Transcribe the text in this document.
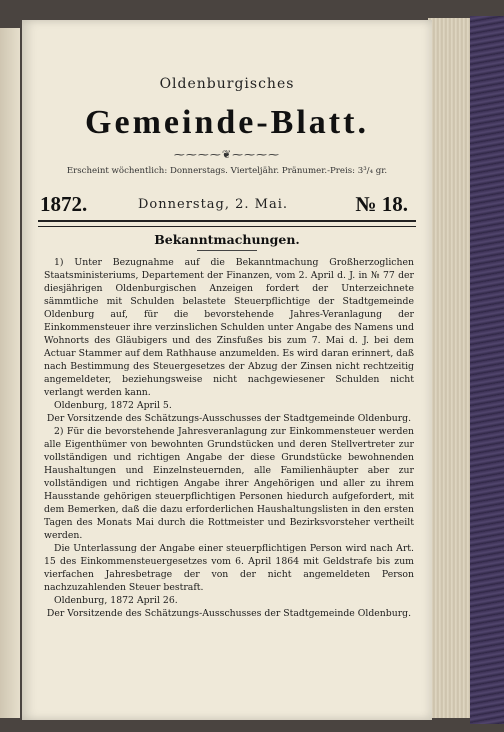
Oldenburgisches
Gemeinde-Blatt.
⁓⁓⁓⁓❦⁓⁓⁓⁓
Erscheint wöchentlich: Donnerstags. Vierteljähr. Pränumer.-Preis: 3³/₄ gr.
1872.	Donnerstag, 2. Mai.	№ 18.
Bekanntmachungen.

1) Unter Bezugnahme auf die Bekanntmachung Großherzoglichen Staatsministeriums, Departement der Finanzen, vom 2. April d. J. in № 77 der diesjährigen Oldenburgischen Anzeigen fordert der Unterzeichnete sämmtliche mit Schulden belastete Steuerpflichtige der Stadtgemeinde Oldenburg auf, für die bevorstehende Jahres-Veranlagung der Einkommensteuer ihre verzinslichen Schulden unter Angabe des Namens und Wohnorts des Gläubigers und des Zinsfußes bis zum 7. Mai d. J. bei dem Actuar Stammer auf dem Rathhause anzumelden. Es wird daran erinnert, daß nach Bestimmung des Steuergesetzes der Abzug der Zinsen nicht rechtzeitig angemeldeter, beziehungsweise nicht nachgewiesener Schulden nicht verlangt werden kann.

Oldenburg, 1872 April 5.

Der Vorsitzende des Schätzungs-Ausschusses der Stadtgemeinde Oldenburg.

2) Für die bevorstehende Jahresveranlagung zur Einkommensteuer werden alle Eigenthümer von bewohnten Grundstücken und deren Stellvertreter zur vollständigen und richtigen Angabe der diese Grundstücke bewohnenden Haushaltungen und Einzelnsteuernden, alle Familienhäupter aber zur vollständigen und richtigen Angabe ihrer Angehörigen und aller zu ihrem Hausstande gehörigen steuerpflichtigen Personen hiedurch aufgefordert, mit dem Bemerken, daß die dazu erforderlichen Haushaltungslisten in den ersten Tagen des Monats Mai durch die Rottmeister und Bezirksvorsteher vertheilt werden.

Die Unterlassung der Angabe einer steuerpflichtigen Person wird nach Art. 15 des Einkommensteuergesetzes vom 6. April 1864 mit Geldstrafe bis zum vierfachen Jahresbetrage der von der nicht angemeldeten Person nachzuzahlenden Steuer bestraft.

Oldenburg, 1872 April 26.

Der Vorsitzende des Schätzungs-Ausschusses der Stadtgemeinde Oldenburg.
